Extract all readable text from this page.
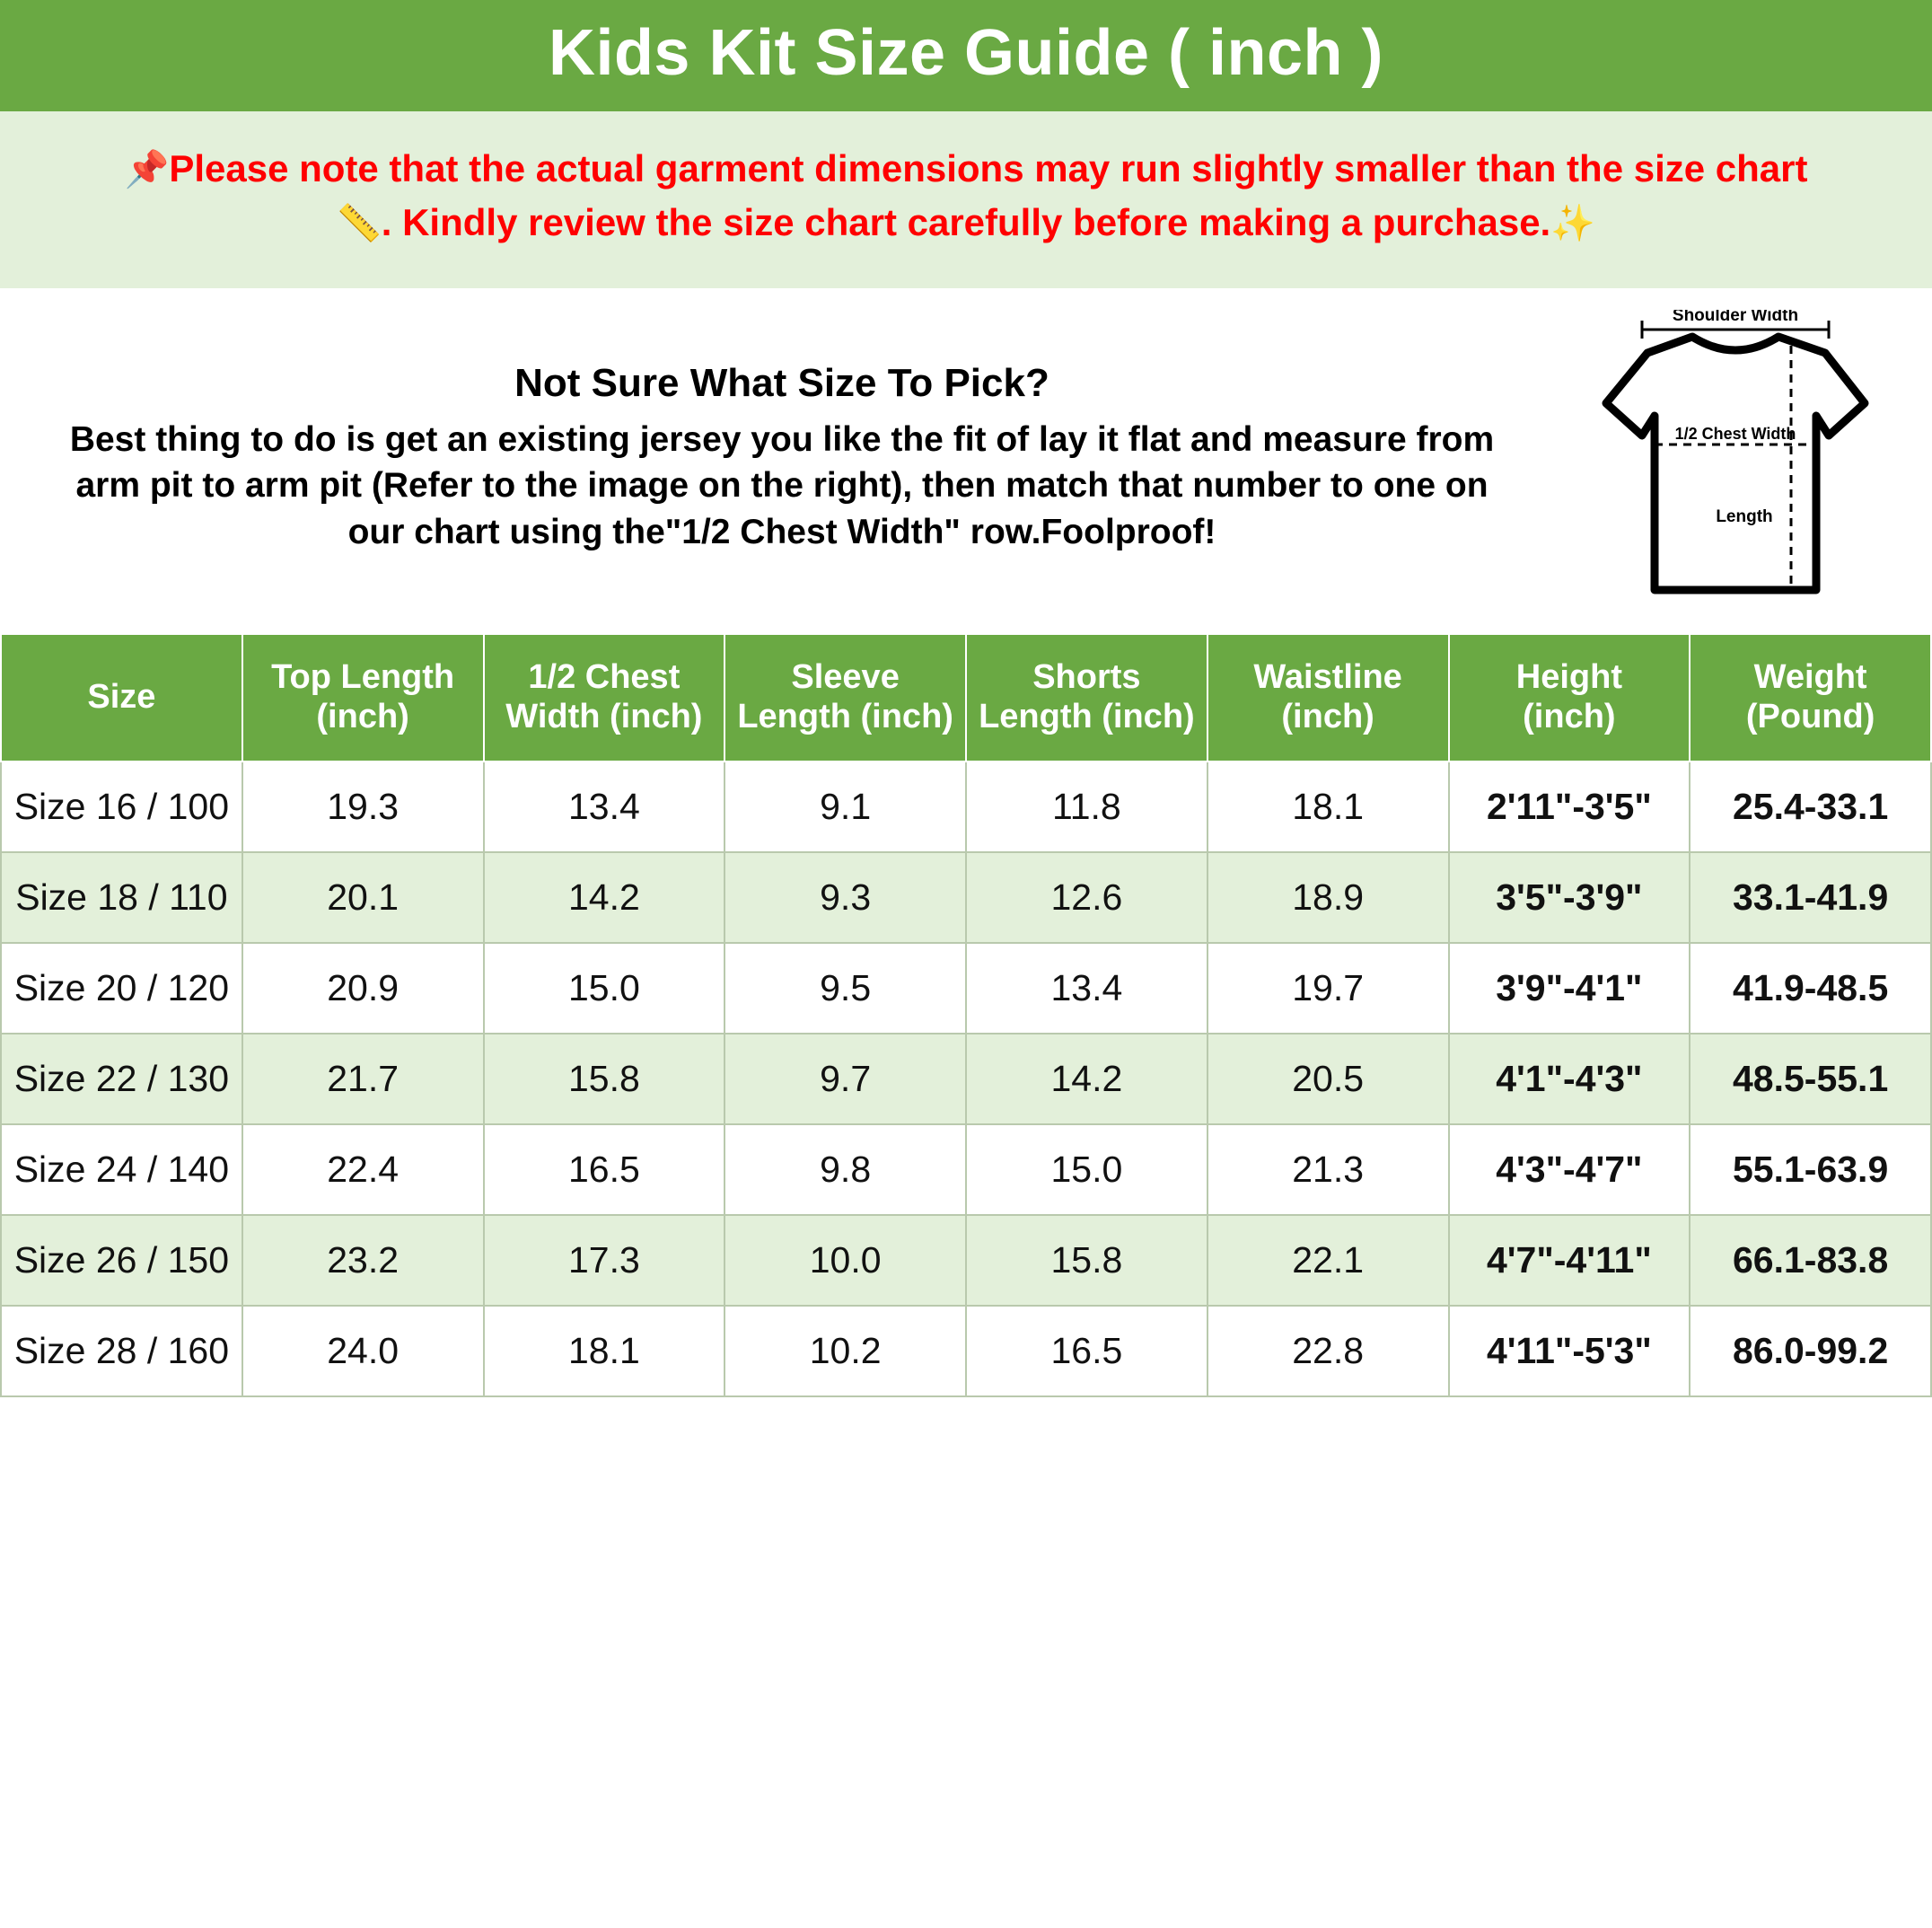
Kids Kit Size Guide ( inch )
📌Please note that the actual garment dimensions may run slightly smaller than the size chart
📏. Kindly review the size chart carefully before making a purchase.✨
Not Sure What Size To Pick?
Best thing to do is get an existing jersey you like the fit of lay it flat and measure from arm pit to arm pit (Refer to the image on the right), then match that number to one on our chart using the"1/2 Chest Width" row.Foolproof!
Shoulder Width
1/2 Chest Width
Length
Size

Top Length
(inch)

1/2 Chest
Width (inch)

Sleeve
Length (inch)

Shorts
Length (inch)

Waistline
(inch)

Height
(inch)

Weight
(Pound)

Size 16 / 100	19.3	13.4	9.1	11.8	18.1	2'11"-3'5"	25.4-33.1
Size 18 / 110	20.1	14.2	9.3	12.6	18.9	3'5"-3'9"	33.1-41.9
Size 20 / 120	20.9	15.0	9.5	13.4	19.7	3'9"-4'1"	41.9-48.5
Size 22 / 130	21.7	15.8	9.7	14.2	20.5	4'1"-4'3"	48.5-55.1
Size 24 / 140	22.4	16.5	9.8	15.0	21.3	4'3"-4'7"	55.1-63.9
Size 26 / 150	23.2	17.3	10.0	15.8	22.1	4'7"-4'11"	66.1-83.8
Size 28 / 160	24.0	18.1	10.2	16.5	22.8	4'11"-5'3"	86.0-99.2
